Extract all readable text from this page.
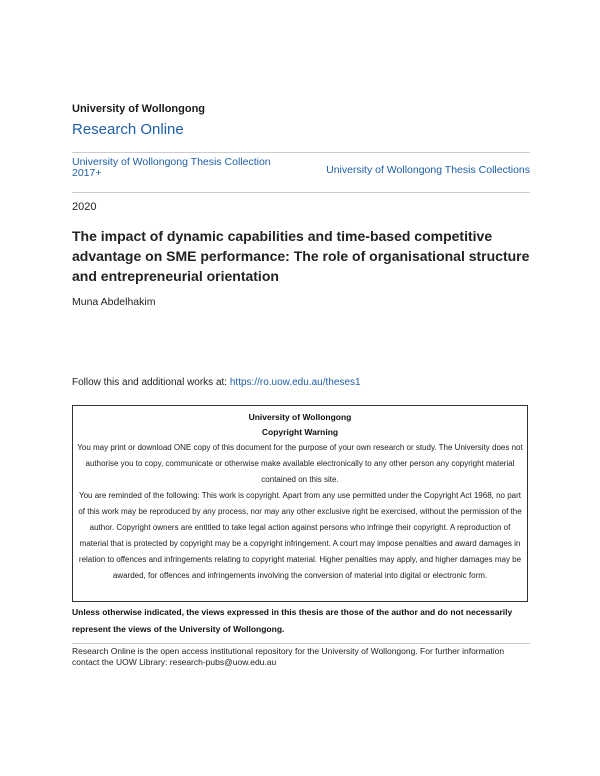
University of Wollongong
Research Online
University of Wollongong Thesis Collection 2017+	University of Wollongong Thesis Collections
2020
The impact of dynamic capabilities and time-based competitive advantage on SME performance: The role of organisational structure and entrepreneurial orientation
Muna Abdelhakim
Follow this and additional works at: https://ro.uow.edu.au/theses1
University of Wollongong
Copyright Warning

You may print or download ONE copy of this document for the purpose of your own research or study. The University does not authorise you to copy, communicate or otherwise make available electronically to any other person any copyright material contained on this site.

You are reminded of the following: This work is copyright. Apart from any use permitted under the Copyright Act 1968, no part of this work may be reproduced by any process, nor may any other exclusive right be exercised, without the permission of the author. Copyright owners are entitled to take legal action against persons who infringe their copyright. A reproduction of material that is protected by copyright may be a copyright infringement. A court may impose penalties and award damages in relation to offences and infringements relating to copyright material. Higher penalties may apply, and higher damages may be awarded, for offences and infringements involving the conversion of material into digital or electronic form.

Unless otherwise indicated, the views expressed in this thesis are those of the author and do not necessarily represent the views of the University of Wollongong.

Research Online is the open access institutional repository for the University of Wollongong. For further information contact the UOW Library: research-pubs@uow.edu.au
